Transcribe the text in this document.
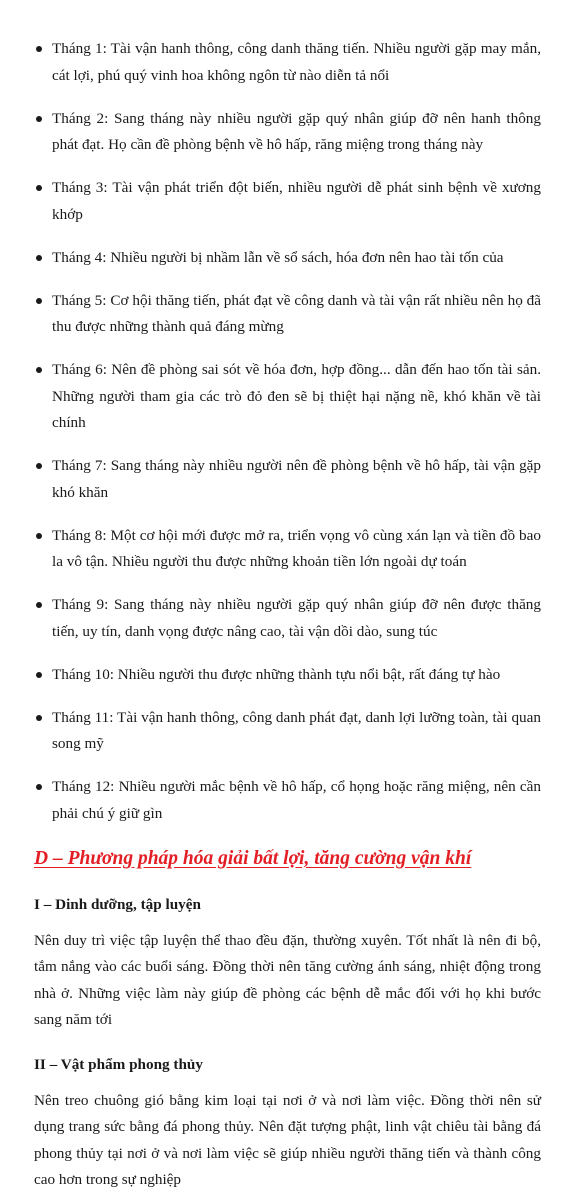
Tháng 1: Tài vận hanh thông, công danh thăng tiến. Nhiều người gặp may mắn, cát lợi, phú quý vinh hoa không ngôn từ nào diễn tả nổi
Tháng 2: Sang tháng này nhiều người gặp quý nhân giúp đỡ nên hanh thông phát đạt. Họ cần đề phòng bệnh về hô hấp, răng miệng trong tháng này
Tháng 3: Tài vận phát triển đột biến, nhiều người dễ phát sinh bệnh về xương khớp
Tháng 4: Nhiều người bị nhầm lẫn về sổ sách, hóa đơn nên hao tài tốn của
Tháng 5: Cơ hội thăng tiến, phát đạt về công danh và tài vận rất nhiều nên họ đã thu được những thành quả đáng mừng
Tháng 6: Nên đề phòng sai sót về hóa đơn, hợp đồng... dẫn đến hao tốn tài sản. Những người tham gia các trò đỏ đen sẽ bị thiệt hại nặng nề, khó khăn về tài chính
Tháng 7: Sang tháng này nhiều người nên đề phòng bệnh về hô hấp, tài vận gặp khó khăn
Tháng 8: Một cơ hội mới được mở ra, triển vọng vô cùng xán lạn và tiền đồ bao la vô tận. Nhiều người thu được những khoản tiền lớn ngoài dự toán
Tháng 9: Sang tháng này nhiều người gặp quý nhân giúp đỡ nên được thăng tiến, uy tín, danh vọng được nâng cao, tài vận dồi dào, sung túc
Tháng 10: Nhiều người thu được những thành tựu nổi bật, rất đáng tự hào
Tháng 11: Tài vận hanh thông, công danh phát đạt, danh lợi lưỡng toàn, tài quan song mỹ
Tháng 12: Nhiều người mắc bệnh về hô hấp, cổ họng hoặc răng miệng, nên cần phải chú ý giữ gìn
D – Phương pháp hóa giải bất lợi, tăng cường vận khí
I – Dinh dưỡng, tập luyện

Nên duy trì việc tập luyện thể thao đều đặn, thường xuyên. Tốt nhất là nên đi bộ, tắm nắng vào các buổi sáng. Đồng thời nên tăng cường ánh sáng, nhiệt động trong nhà ở. Những việc làm này giúp đề phòng các bệnh dễ mắc đối với họ khi bước sang năm tới

II – Vật phẩm phong thủy

Nên treo chuông gió bằng kim loại tại nơi ở và nơi làm việc. Đồng thời nên sử dụng trang sức bằng đá phong thủy. Nên đặt tượng phật, linh vật chiêu tài bằng đá phong thủy tại nơi ở và nơi làm việc sẽ giúp nhiều người thăng tiến và thành công cao hơn trong sự nghiệp
